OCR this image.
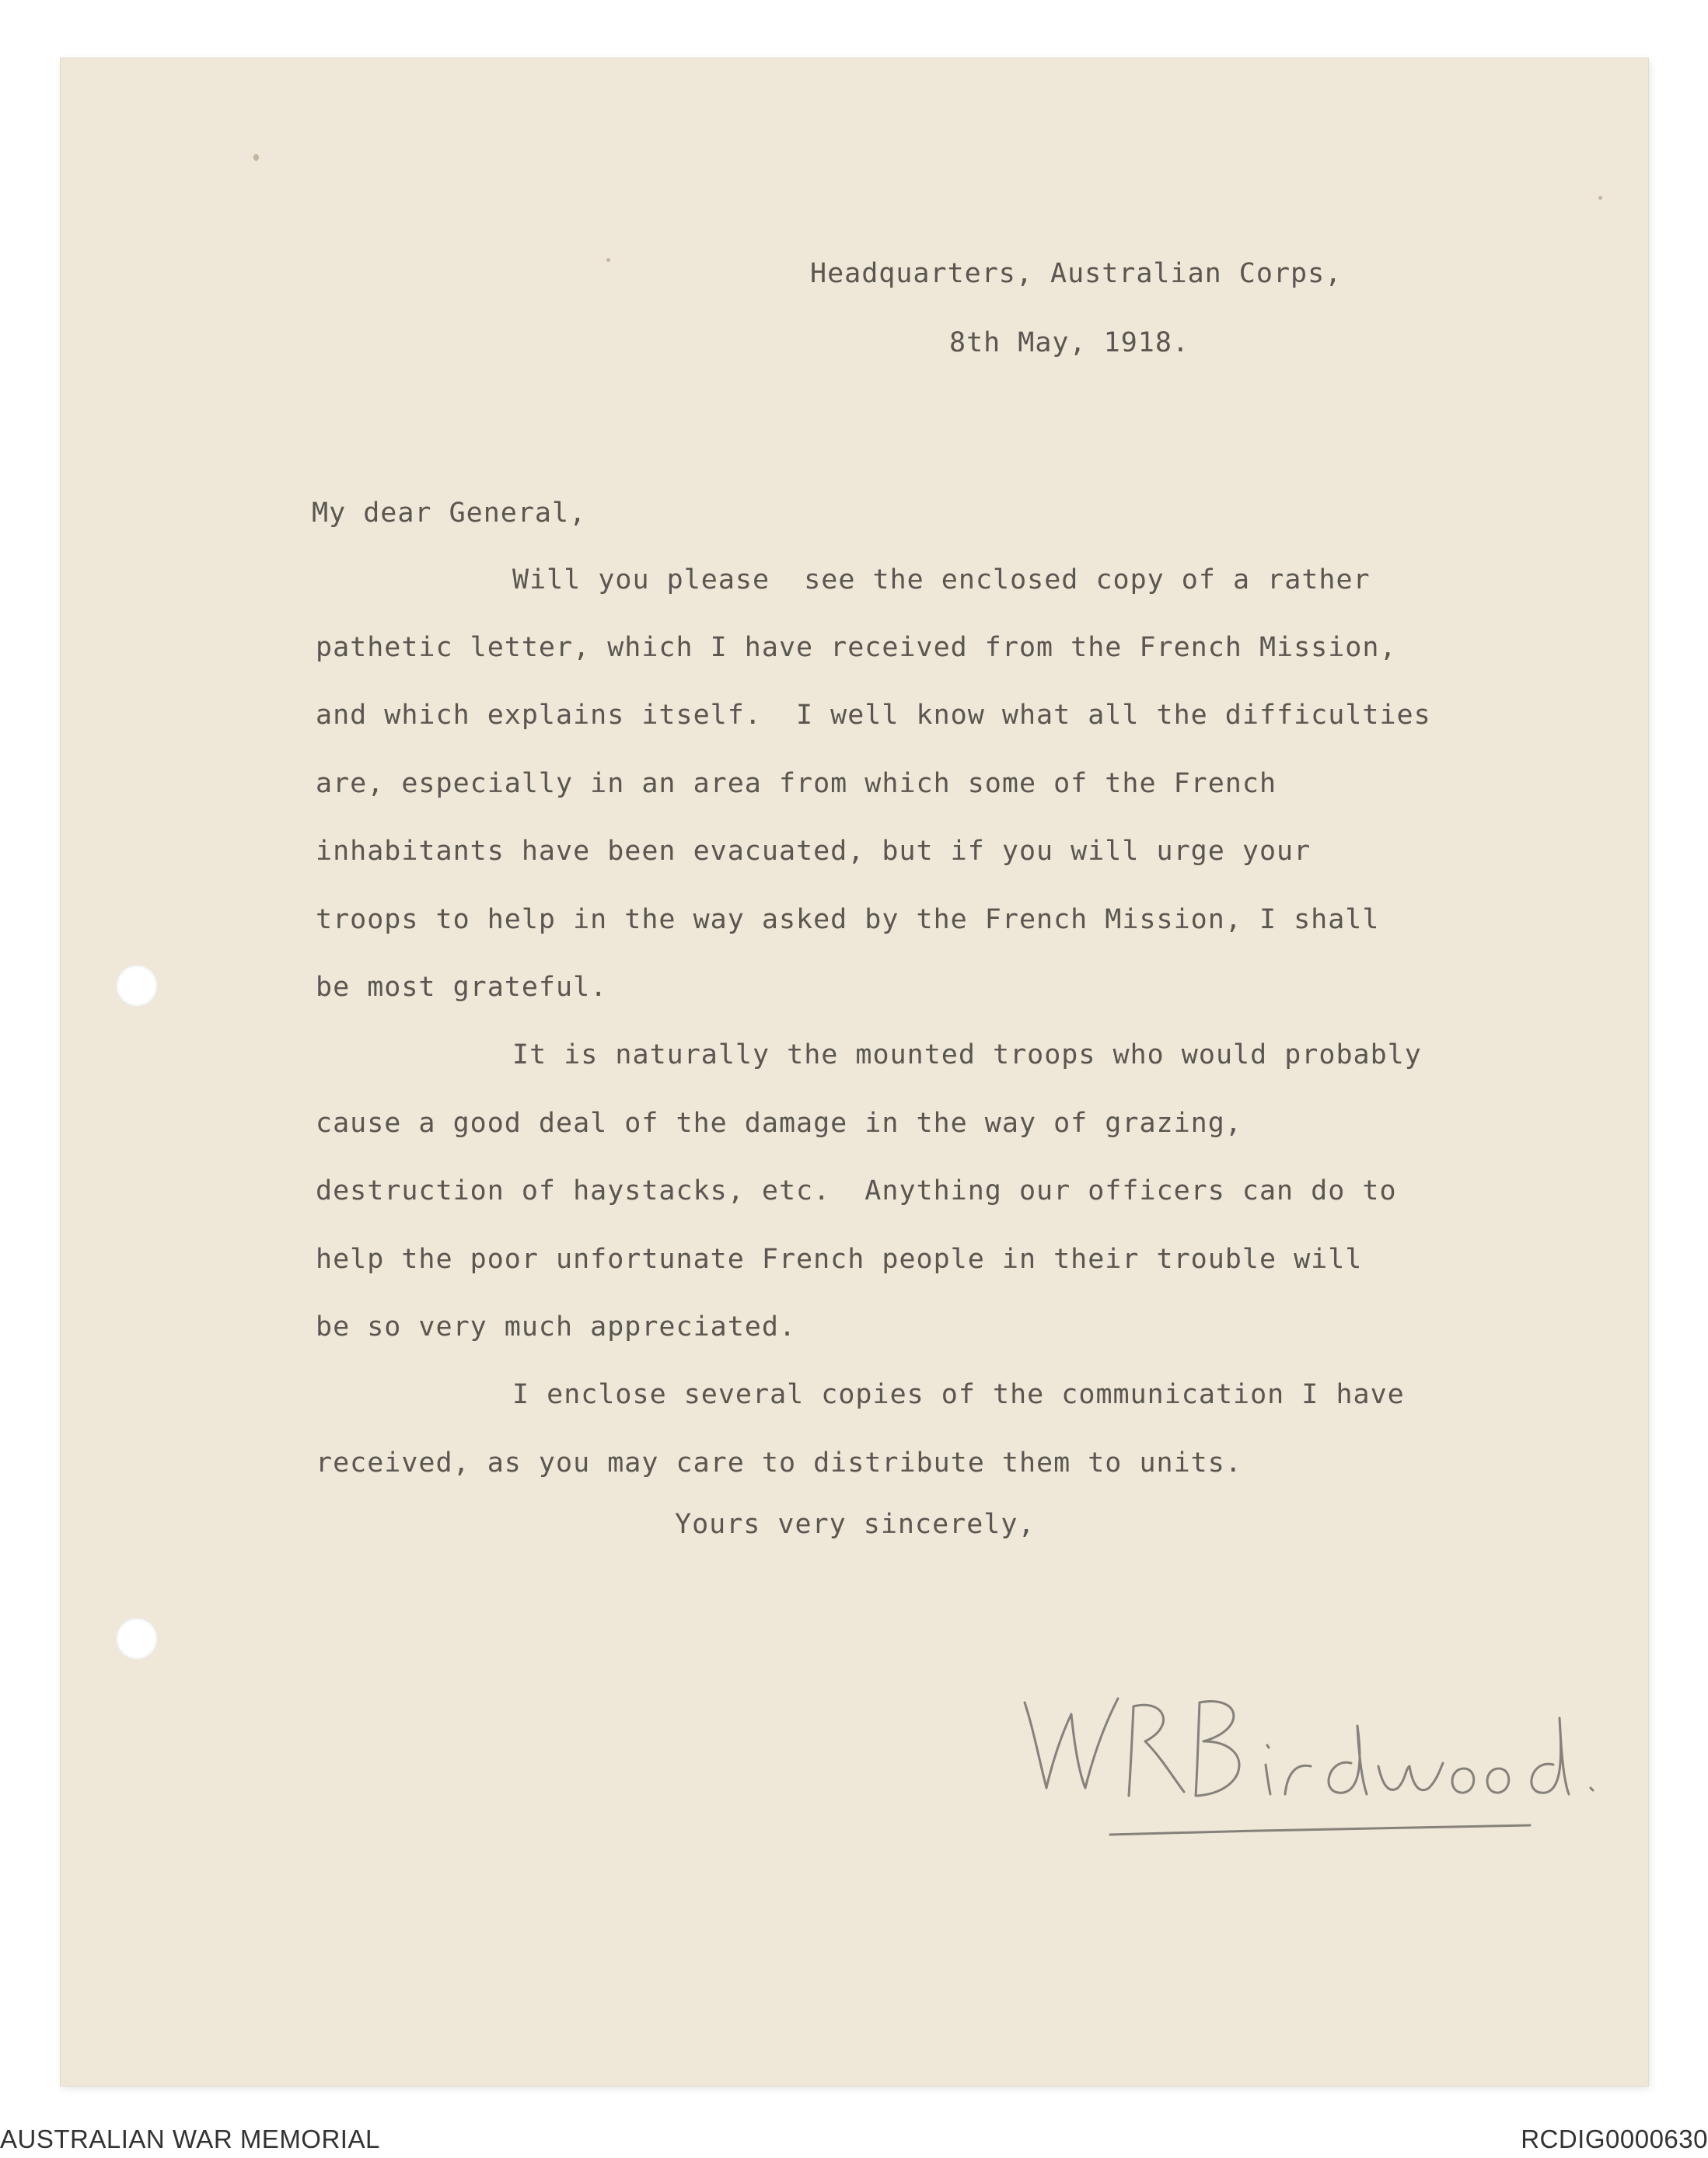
Headquarters, Australian Corps,
8th May, 1918.
My dear General,
Will you please  see the enclosed copy of a rather
pathetic letter, which I have received from the French Mission,
and which explains itself.  I well know what all the difficulties
are, especially in an area from which some of the French
inhabitants have been evacuated, but if you will urge your
troops to help in the way asked by the French Mission, I shall
be most grateful.
It is naturally the mounted troops who would probably
cause a good deal of the damage in the way of grazing,
destruction of haystacks, etc.  Anything our officers can do to
help the poor unfortunate French people in their trouble will
be so very much appreciated.
I enclose several copies of the communication I have
received, as you may care to distribute them to units.
Yours very sincerely,
AUSTRALIAN WAR MEMORIAL	RCDIG0000630
